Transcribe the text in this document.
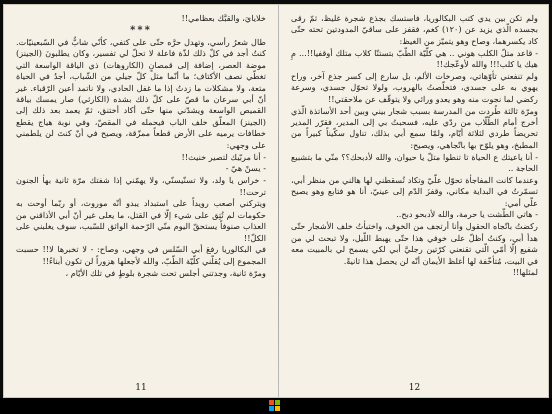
خلايايَ، والقبَّك بعظامي!!

***

طال شعرُ رأسي، وتهدل حرَّه حتّى على كتفي، كأنّي شابٌّ في السّبعينيّات. كنتُ أجد في كلّ ذلك لذّة فاعلة لا تحلّ لي تفسير، وكان يطلبونَ (الجينز) موضة العصر، إضافة إلى قمصانٍ (الكاروهات) ذي الياقة الواسعة التي تغطّي نصف الأكتاف؛ ما أنّما مثل كلّ جيلي من الشّباب، أجدُ في الحياة متعة، ولا مشكلات ما زدتُ إذا ما غفل الحادي، ولا ناتمد أعين الرّقباء. غير أنّ أبي سرعان ما قصّ على كلّ ذلك بشده (الكارثي) صار يمسك بياقة القميص الواسعة ويشدّني منها حتّى أكاد أختنق، ثمّ يعمد بعد ذلك إلى (الجينز) المعلّق خلف الباب فيحمله في المقصّ، وفي نوبة هياج يقطع خطافات يرميه على الأرض قطعاً ممزّقة، ويصيح في أنّ كنتَ لن يلطمني على وجهي:

- أنا مربّيك لتصير خنيث!!

- يسنْ هيّ -

- خراس يا ولد، ولا تسنّيسنّي، ولا يهمّني إذا شفتك مرّة ثانية بهأ الجنون ترحت!!

ويتركني أصعب رويداً على استبداد يبدو أنّه موروث، أو ربّما أوحت به حكومات لم تُتِق على شيء إلّا في القتل، ما يعلى غير أنّ أبي الأذاقني من العذاب صنوفاً يستحقّ اليوم منّي الرّحمة الواثق للسّبب، سوف يغلبني على الكلّ!!

في البكالوريا رفعَ أبي السّلس في وجهي، وصاح: - لا تخبرها لا!! حسبت المجموع إلى يُقلّني كلّيّة الطّبّ، والله لأجعلها هزوراً لن تكون أبناءً!!

ومرّة ثانية، وجدتني أجلس تحت شجرة بلوطٍ في تلك الأيّام ،

11

ولم تكن بين يدي كتب البكالوريا، فاستسك بجذع شجرة غليظ، ثمّ رقى بجسده الّذي يزيد عن (١٢٠) كغم، فقفز على ساقيّ المدودتين تحته حتّى كاد يكسرهما، وصاح وهو يتميّز من الغيظ:

- قاعد متلّ الكلب هوني .. هي كلّيّة الطّبّ بتستنّا كلاب متلك أوقفيا!!... مِ هيك يا كلب!!! والله لأوعّجك!!

ولم تنفعني تأوّهاتي، وصرخات الألم، بل سارع إلى كسر جذع آخر، وراح يهوي به على جسدي، فتخلّصتُ بالهروب، ولولا تحوّل جسدي، وسرعة ركضي لما نجوت منه وهو يعدو ورائي ولا يتوقّف عن ملاحقتي!!

ومرّة ثالثة طُردت من المدرسة بسبب شجار بيني وبين أحد الأساتذة الّذي أخرج أمام الطّلّاب من ردّي عليه، فسحبتُ بي إلى المدير، فقرّر المدير تحريضاً طردي لثلاثة أيّام، ولمّا سمع أبي بذلك، تناول سكّيناً كبيراً من المطبخ، وهو يلوّح بها باتّجاهي، ويصيح:

- أنا ياعيتك ع الحياة تا تنطوا متلّ يا حيوان، والله لأدبحك؟؟ منّي ما بتشبيع الحاجة ..

وعندما كانت المفاجأة تحوّل علّيّ وتكاد تُسقطني لها هالني من منظر أبي، تسمّرتُ في البداية مكاني، وقفزَ الدّم إلى عينيّ، أنا هو فتابع وهو يصيح علّي أمي:

- هاتي الطّشت يا حرمة، والله لأدبحو دبح..

ركضتُ باتّجاه الحقول وأنا أرتجف من الخوف، واختبأتُ خلف الأشجار حتّى هدأ أبي، وكنتُ أظلّ على خوفي هذا حتّى يهبط اللّيل، ولا تبحث لي من شفيع إلّا أمّي الّتي تقنعني كرّتين رجليَّ أبي لكي يسمح لي بالمبيت معه في البيت، مُتأخّفة لها أغلظ الأيمان أنّه لن يحصل هذا ثانيةً.

لمثلها!!

12
